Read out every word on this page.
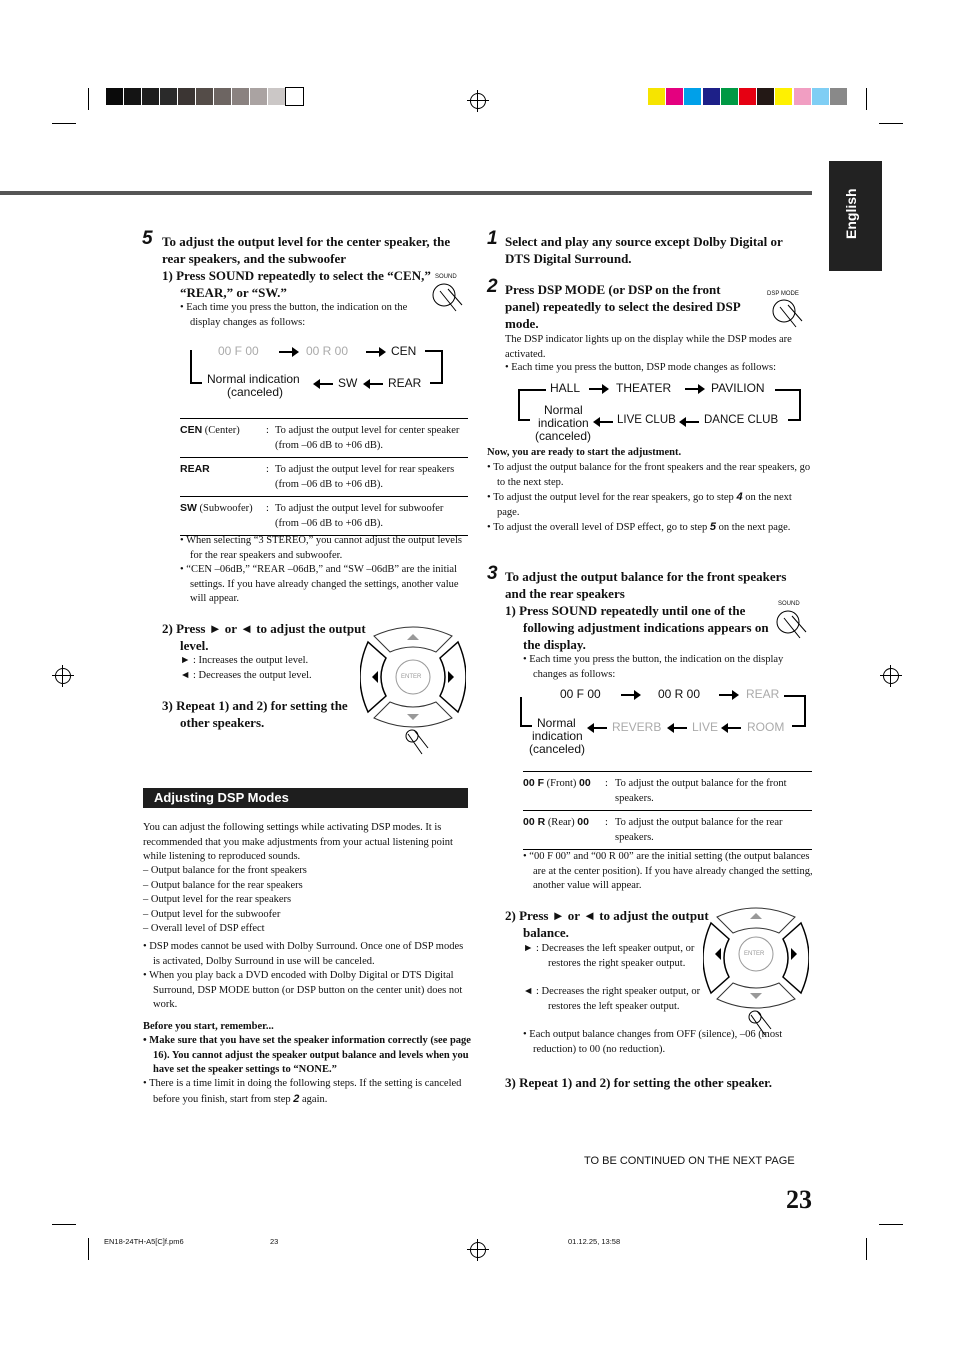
English
5 To adjust the output level for the center speaker, the rear speakers, and the subwoofer
1) Press SOUND repeatedly to select the “CEN,” “REAR,” or “SW.”
SOUND
• Each time you press the button, the indication on the display changes as follows:
00 F 00	00 R 00	CEN
REAR
SW
Normal indication
(canceled)
CEN (Center)	:	To adjust the output level for center speaker (from –06 dB to +06 dB).
REAR	:	To adjust the output level for rear speakers (from –06 dB to +06 dB).
SW (Subwoofer)	:	To adjust the output level for subwoofer (from –06 dB to +06 dB).
• When selecting “3 STEREO,” you cannot adjust the output levels for the rear speakers and subwoofer.
• “CEN –06dB,” “REAR –06dB,” and “SW –06dB” are the initial settings. If you have already changed the settings, another value will appear.
2) Press ► or ◄ to adjust the output level.
► : Increases the output level.
◄ : Decreases the output level.
3) Repeat 1) and 2) for setting the other speakers.
ENTER
Adjusting DSP Modes
You can adjust the following settings while activating DSP modes. It is recommended that you make adjustments from your actual listening point while listening to reproduced sounds.
– Output balance for the front speakers
– Output balance for the rear speakers
– Output level for the rear speakers
– Output level for the subwoofer
– Overall level of DSP effect
• DSP modes cannot be used with Dolby Surround. Once one of DSP modes is activated, Dolby Surround in use will be canceled.
• When you play back a DVD encoded with Dolby Digital or DTS Digital Surround, DSP MODE button (or DSP button on the center unit) does not work.
Before you start, remember...
• Make sure that you have set the speaker information correctly (see page 16). You cannot adjust the speaker output balance and levels when you have set the speaker settings to “NONE.”
• There is a time limit in doing the following steps. If the setting is canceled before you finish, start from step 2 again.
1 Select and play any source except Dolby Digital or DTS Digital Surround.
2 Press DSP MODE (or DSP on the front panel) repeatedly to select the desired DSP mode.
DSP MODE
The DSP indicator lights up on the display while the DSP modes are activated.
• Each time you press the button, DSP mode changes as follows:
HALL	THEATER	PAVILION
DANCE CLUB
LIVE CLUB
Normal
indication
(canceled)
Now, you are ready to start the adjustment.
• To adjust the output balance for the front speakers and the rear speakers, go to the next step.
• To adjust the output level for the rear speakers, go to step 4 on the next page.
• To adjust the overall level of DSP effect, go to step 5 on the next page.
3 To adjust the output balance for the front speakers and the rear speakers
1) Press SOUND repeatedly until one of the following adjustment indications appears on the display.
SOUND
• Each time you press the button, the indication on the display changes as follows:
00 F 00	00 R 00	REAR
ROOM
LIVE
REVERB
Normal
indication
(canceled)
00 F (Front) 00	:	To adjust the output balance for the front speakers.
00 R (Rear) 00	:	To adjust the output balance for the rear speakers.
• “00 F 00” and “00 R 00” are the initial setting (the output balances are at the center position). If you have already changed the setting, another value will appear.
2) Press ► or ◄ to adjust the output balance.
► : Decreases the left speaker output, or restores the right speaker output.
◄ : Decreases the right speaker output, or restores the left speaker output.
• Each output balance changes from OFF (silence), –06 (most reduction) to 00 (no reduction).
3) Repeat 1) and 2) for setting the other speaker.
ENTER
TO BE CONTINUED ON THE NEXT PAGE
23
EN18-24TH-A5[C]f.pm6	23	01.12.25, 13:58
